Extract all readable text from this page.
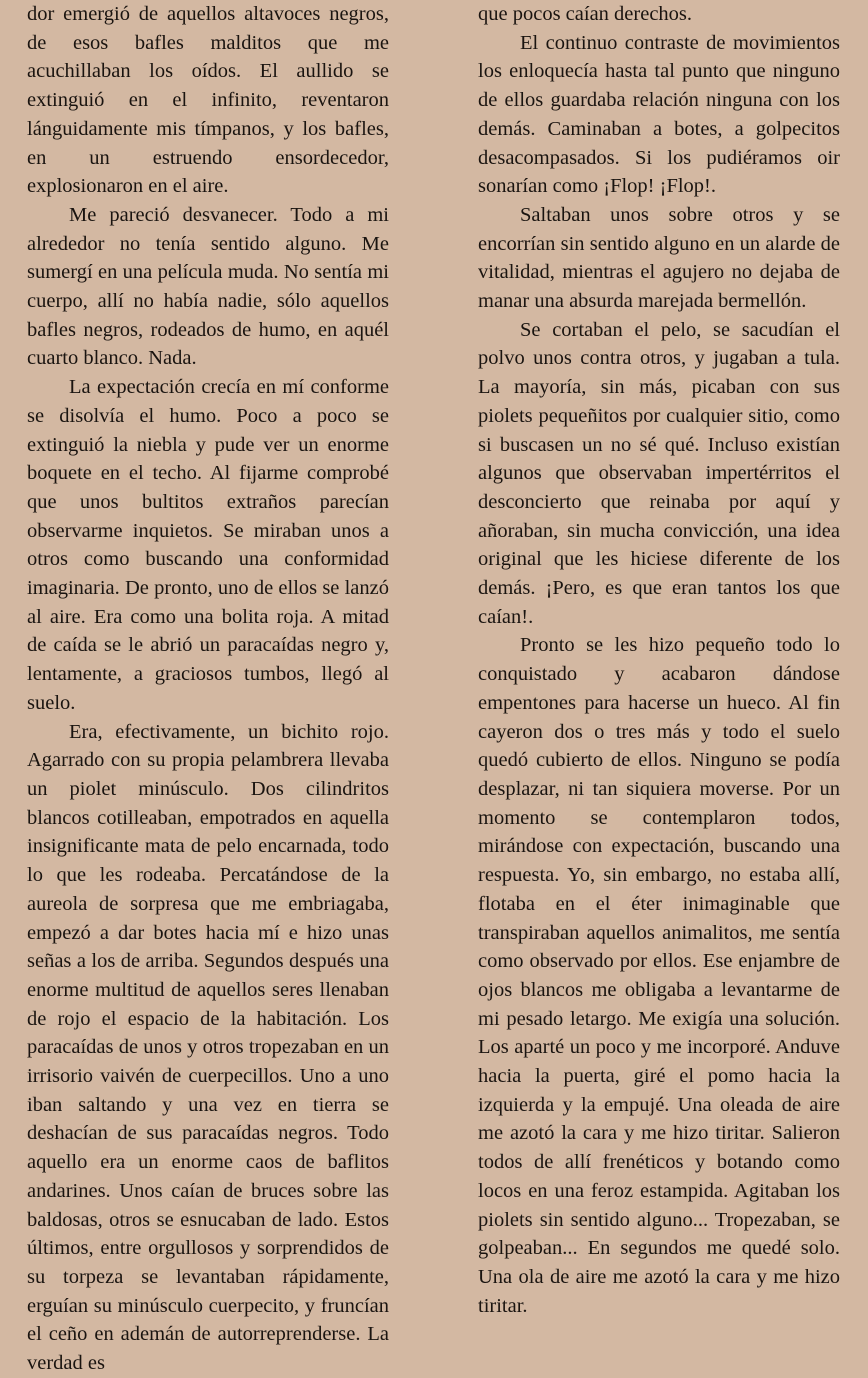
dor emergió de aquellos altavoces negros, de esos bafles malditos que me acuchillaban los oídos. El aullido se extinguió en el infinito, reventaron lánguidamente mis tímpanos, y los bafles, en un estruendo ensordecedor, explosionaron en el aire.

Me pareció desvanecer. Todo a mi alrededor no tenía sentido alguno. Me sumergí en una película muda. No sentía mi cuerpo, allí no había nadie, sólo aquellos bafles negros, rodeados de humo, en aquél cuarto blanco. Nada.

La expectación crecía en mí conforme se disolvía el humo. Poco a poco se extinguió la niebla y pude ver un enorme boquete en el techo. Al fijarme comprobé que unos bultitos extraños parecían observarme inquietos. Se miraban unos a otros como buscando una conformidad imaginaria. De pronto, uno de ellos se lanzó al aire. Era como una bolita roja. A mitad de caída se le abrió un paracaídas negro y, lentamente, a graciosos tumbos, llegó al suelo.

Era, efectivamente, un bichito rojo. Agarrado con su propia pelambrera llevaba un piolet minúsculo. Dos cilindritos blancos cotilleaban, empotrados en aquella insignificante mata de pelo encarnada, todo lo que les rodeaba. Percatándose de la aureola de sorpresa que me embriagaba, empezó a dar botes hacia mí e hizo unas señas a los de arriba. Segundos después una enorme multitud de aquellos seres llenaban de rojo el espacio de la habitación. Los paracaídas de unos y otros tropezaban en un irrisorio vaivén de cuerpecillos. Uno a uno iban saltando y una vez en tierra se deshacían de sus paracaídas negros. Todo aquello era un enorme caos de baflitos andarines. Unos caían de bruces sobre las baldosas, otros se esnucaban de lado. Estos últimos, entre orgullosos y sorprendidos de su torpeza se levantaban rápidamente, erguían su minúsculo cuerpecito, y fruncían el ceño en ademán de autorreprenderse. La verdad es

que pocos caían derechos.

El continuo contraste de movimientos los enloquecía hasta tal punto que ninguno de ellos guardaba relación ninguna con los demás. Caminaban a botes, a golpecitos desacompasados. Si los pudiéramos oir sonarían como ¡Flop! ¡Flop!.

Saltaban unos sobre otros y se encorrían sin sentido alguno en un alarde de vitalidad, mientras el agujero no dejaba de manar una absurda marejada bermellón.

Se cortaban el pelo, se sacudían el polvo unos contra otros, y jugaban a tula. La mayoría, sin más, picaban con sus piolets pequeñitos por cualquier sitio, como si buscasen un no sé qué. Incluso existían algunos que observaban impertérritos el desconcierto que reinaba por aquí y añoraban, sin mucha convicción, una idea original que les hiciese diferente de los demás. ¡Pero, es que eran tantos los que caían!.

Pronto se les hizo pequeño todo lo conquistado y acabaron dándose empentones para hacerse un hueco. Al fin cayeron dos o tres más y todo el suelo quedó cubierto de ellos. Ninguno se podía desplazar, ni tan siquiera moverse. Por un momento se contemplaron todos, mirándose con expectación, buscando una respuesta. Yo, sin embargo, no estaba allí, flotaba en el éter inimaginable que transpiraban aquellos animalitos, me sentía como observado por ellos. Ese enjambre de ojos blancos me obligaba a levantarme de mi pesado letargo. Me exigía una solución. Los aparté un poco y me incorporé. Anduve hacia la puerta, giré el pomo hacia la izquierda y la empujé. Una oleada de aire me azotó la cara y me hizo tiritar. Salieron todos de allí frenéticos y botando como locos en una feroz estampida. Agitaban los piolets sin sentido alguno... Tropezaban, se golpeaban... En segundos me quedé solo. Una ola de aire me azotó la cara y me hizo tiritar.
